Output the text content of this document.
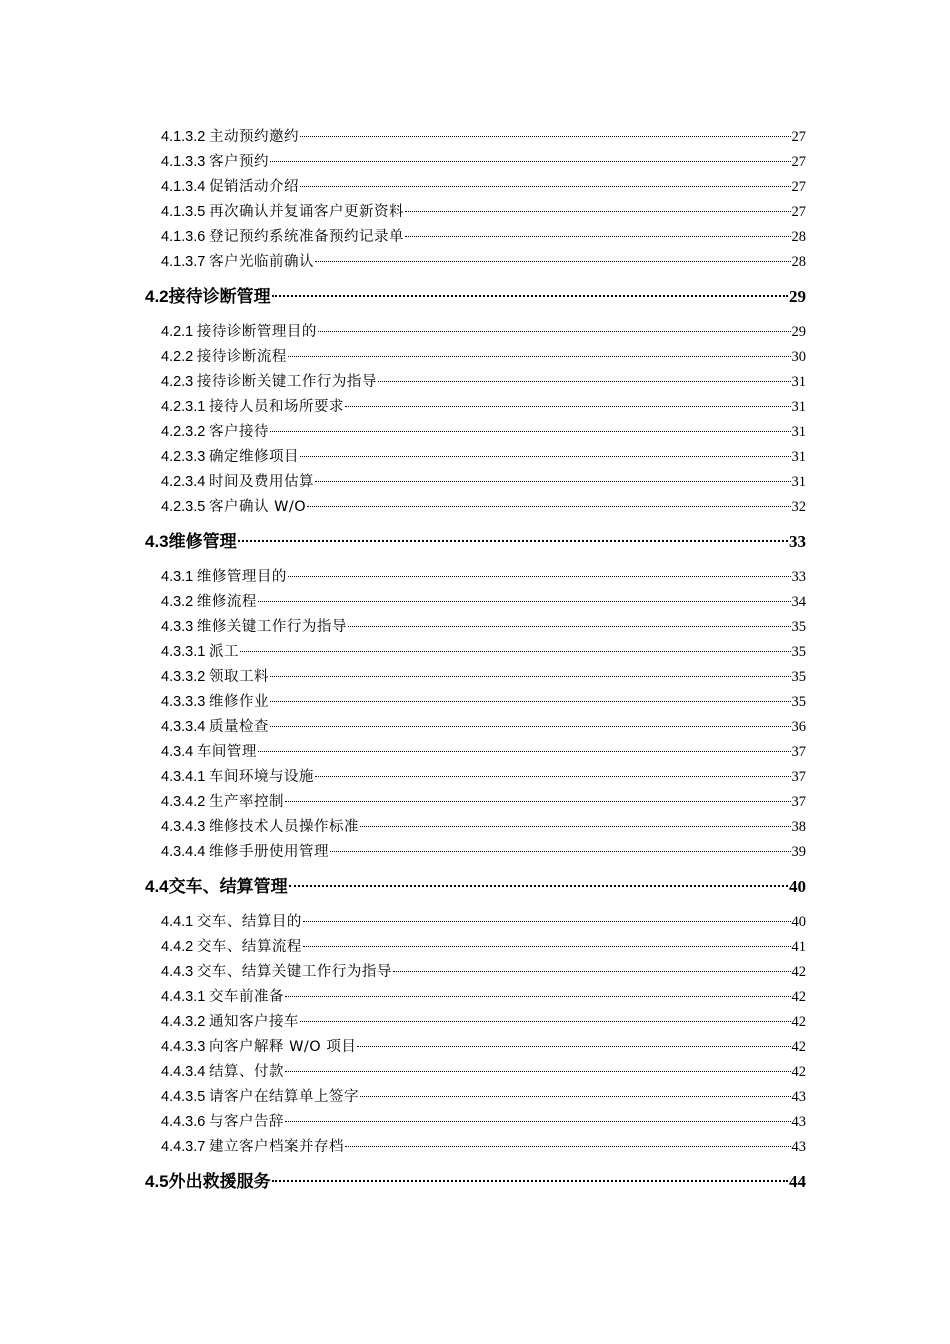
4.1.3.2 主动预约邀约	27
4.1.3.3 客户预约	27
4.1.3.4 促销活动介绍	27
4.1.3.5 再次确认并复诵客户更新资料	27
4.1.3.6 登记预约系统准备预约记录单	28
4.1.3.7 客户光临前确认	28
4.2接待诊断管理	29
4.2.1 接待诊断管理目的	29
4.2.2 接待诊断流程	30
4.2.3 接待诊断关键工作行为指导	31
4.2.3.1 接待人员和场所要求	31
4.2.3.2 客户接待	31
4.2.3.3 确定维修项目	31
4.2.3.4 时间及费用估算	31
4.2.3.5 客户确认 W/O	32
4.3维修管理	33
4.3.1 维修管理目的	33
4.3.2 维修流程	34
4.3.3 维修关键工作行为指导	35
4.3.3.1 派工	35
4.3.3.2 领取工料	35
4.3.3.3 维修作业	35
4.3.3.4 质量检查	36
4.3.4 车间管理	37
4.3.4.1 车间环境与设施	37
4.3.4.2 生产率控制	37
4.3.4.3 维修技术人员操作标准	38
4.3.4.4 维修手册使用管理	39
4.4交车、结算管理	40
4.4.1 交车、结算目的	40
4.4.2 交车、结算流程	41
4.4.3 交车、结算关键工作行为指导	42
4.4.3.1 交车前准备	42
4.4.3.2 通知客户接车	42
4.4.3.3 向客户解释 W/O 项目	42
4.4.3.4 结算、付款	42
4.4.3.5 请客户在结算单上签字	43
4.4.3.6 与客户告辞	43
4.4.3.7 建立客户档案并存档	43
4.5外出救援服务	44
